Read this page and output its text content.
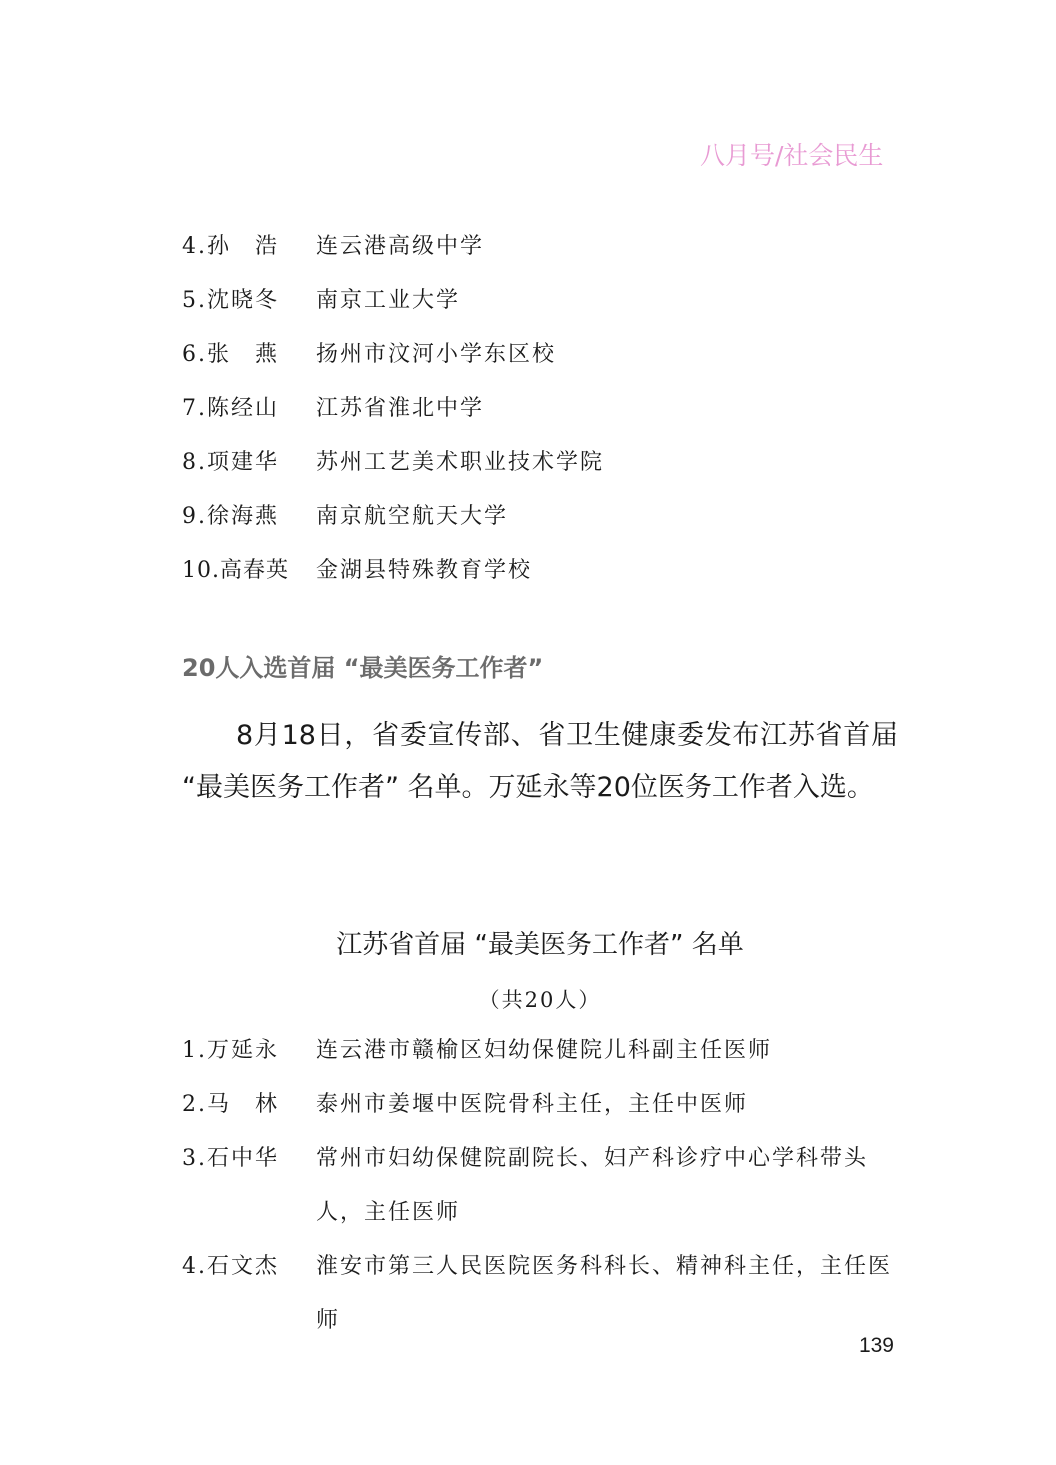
八月号/社会民生
4.孙　浩	连云港高级中学
5.沈晓冬	南京工业大学
6.张　燕	扬州市汶河小学东区校
7.陈经山	江苏省淮北中学
8.项建华	苏州工艺美术职业技术学院
9.徐海燕	南京航空航天大学
10.高春英	金湖县特殊教育学校
20人入选首届 “最美医务工作者”
8月18日，省委宣传部、省卫生健康委发布江苏省首届 “最美医务工作者” 名单。万延永等20位医务工作者入选。
江苏省首届 “最美医务工作者” 名单
（共20人）
1.万延永	连云港市赣榆区妇幼保健院儿科副主任医师
2.马　林	泰州市姜堰中医院骨科主任，主任中医师
3.石中华	常州市妇幼保健院副院长、妇产科诊疗中心学科带头人，主任医师
4.石文杰	淮安市第三人民医院医务科科长、精神科主任，主任医师
139
